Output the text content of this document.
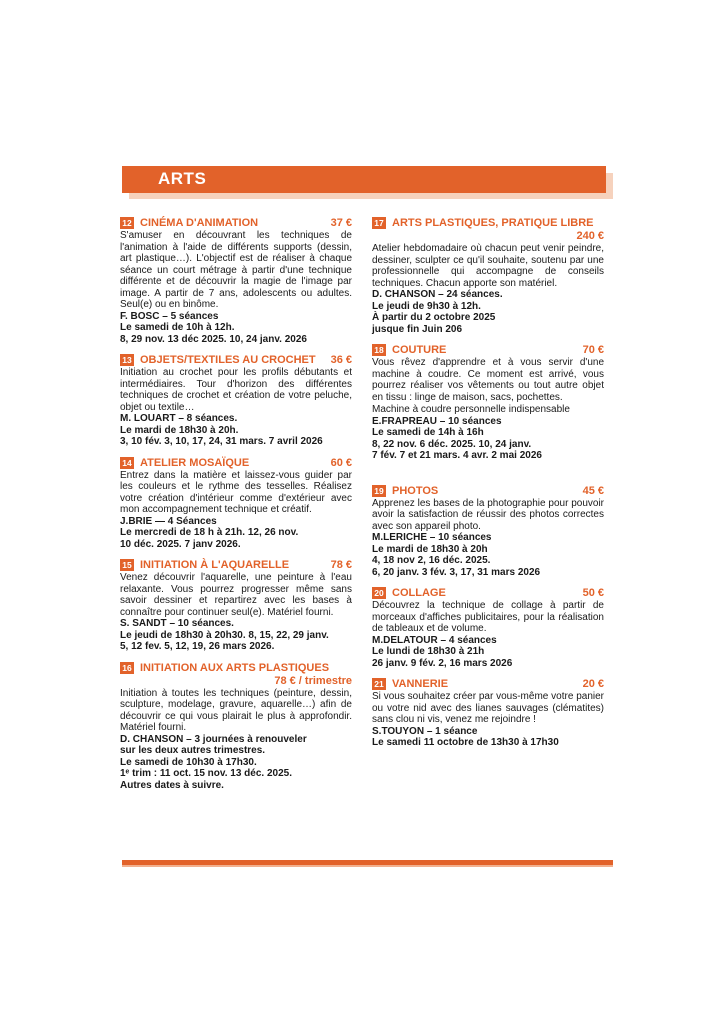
ARTS
12 CINÉMA D'ANIMATION	37 €

S'amuser en découvrant les techniques de l'animation à l'aide de différents supports (dessin, art plastique…). L'objectif est de réaliser à chaque séance un court métrage à partir d'une technique différente et de découvrir la magie de l'image par image. A partir de 7 ans, adolescents ou adultes. Seul(e) ou en binôme.

F. BOSC – 5 séances
Le samedi de 10h à 12h.
8, 29 nov. 13 déc 2025. 10, 24 janv. 2026
13 OBJETS/TEXTILES AU CROCHET 36 €

Initiation au crochet pour les profils débutants et intermédiaires. Tour d'horizon des différentes techniques de crochet et création de votre peluche, objet ou textile…

M. LOUART – 8 séances.
Le mardi de 18h30 à 20h.
3, 10 fév. 3, 10, 17, 24, 31 mars. 7 avril 2026
14 ATELIER MOSAÏQUE	60 €

Entrez dans la matière et laissez-vous guider par les couleurs et le rythme des tesselles. Réalisez votre création d'intérieur comme d'extérieur avec mon accompagnement technique et créatif.

J.BRIE — 4 Séances
Le mercredi de 18 h à 21h. 12, 26 nov.
10 déc. 2025. 7 janv 2026.
15 INITIATION À L'AQUARELLE	78 €

Venez découvrir l'aquarelle, une peinture à l'eau relaxante. Vous pourrez progresser même sans savoir dessiner et repartirez avec les bases à connaître pour continuer seul(e). Matériel fourni.

S. SANDT – 10 séances.
Le jeudi de 18h30 à 20h30. 8, 15, 22, 29 janv.
5, 12 fev. 5, 12, 19, 26 mars 2026.
16 INITIATION AUX ARTS PLASTIQUES
78 € / trimestre

Initiation à toutes les techniques (peinture, dessin, sculpture, modelage, gravure, aquarelle…) afin de découvrir ce qui vous plairait le plus à approfondir. Matériel fourni.

D. CHANSON – 3 journées à renouveler
sur les deux autres trimestres.
Le samedi de 10h30 à 17h30.
1ᵉ trim : 11 oct. 15 nov. 13 déc. 2025.
Autres dates à suivre.
17 ARTS PLASTIQUES, PRATIQUE LIBRE
240 €

Atelier hebdomadaire où chacun peut venir peindre, dessiner, sculpter ce qu'il souhaite, soutenu par une professionnelle qui accompagne de conseils techniques. Chacun apporte son matériel.

D. CHANSON – 24 séances.
Le jeudi de 9h30 à 12h.
À partir du 2 octobre 2025
jusque fin Juin 206
18 COUTURE	70 €

Vous rêvez d'apprendre et à vous servir d'une machine à coudre. Ce moment est arrivé, vous pourrez réaliser vos vêtements ou tout autre objet en tissu : linge de maison, sacs, pochettes.

Machine à coudre personnelle indispensable

E.FRAPREAU – 10 séances
Le samedi de 14h à 16h
8, 22 nov. 6 déc. 2025. 10, 24 janv.
7 fév. 7 et 21 mars. 4 avr. 2 mai 2026
19 PHOTOS	45 €

Apprenez les bases de la photographie pour pouvoir avoir la satisfaction de réussir des photos correctes avec son appareil photo.

M.LERICHE – 10 séances
Le mardi de 18h30 à 20h
4, 18 nov 2, 16 déc. 2025.
6, 20 janv. 3 fév. 3, 17, 31 mars 2026
20 COLLAGE	50 €

Découvrez la technique de collage à partir de morceaux d'affiches publicitaires, pour la réalisation de tableaux et de volume.

M.DELATOUR – 4 séances
Le lundi de 18h30 à 21h
26 janv. 9 fév. 2, 16 mars 2026
21 VANNERIE	20 €

Si vous souhaitez créer par vous-même votre panier ou votre nid avec des lianes sauvages (clématites) sans clou ni vis, venez me rejoindre !

S.TOUYON – 1 séance
Le samedi 11 octobre de 13h30 à 17h30
